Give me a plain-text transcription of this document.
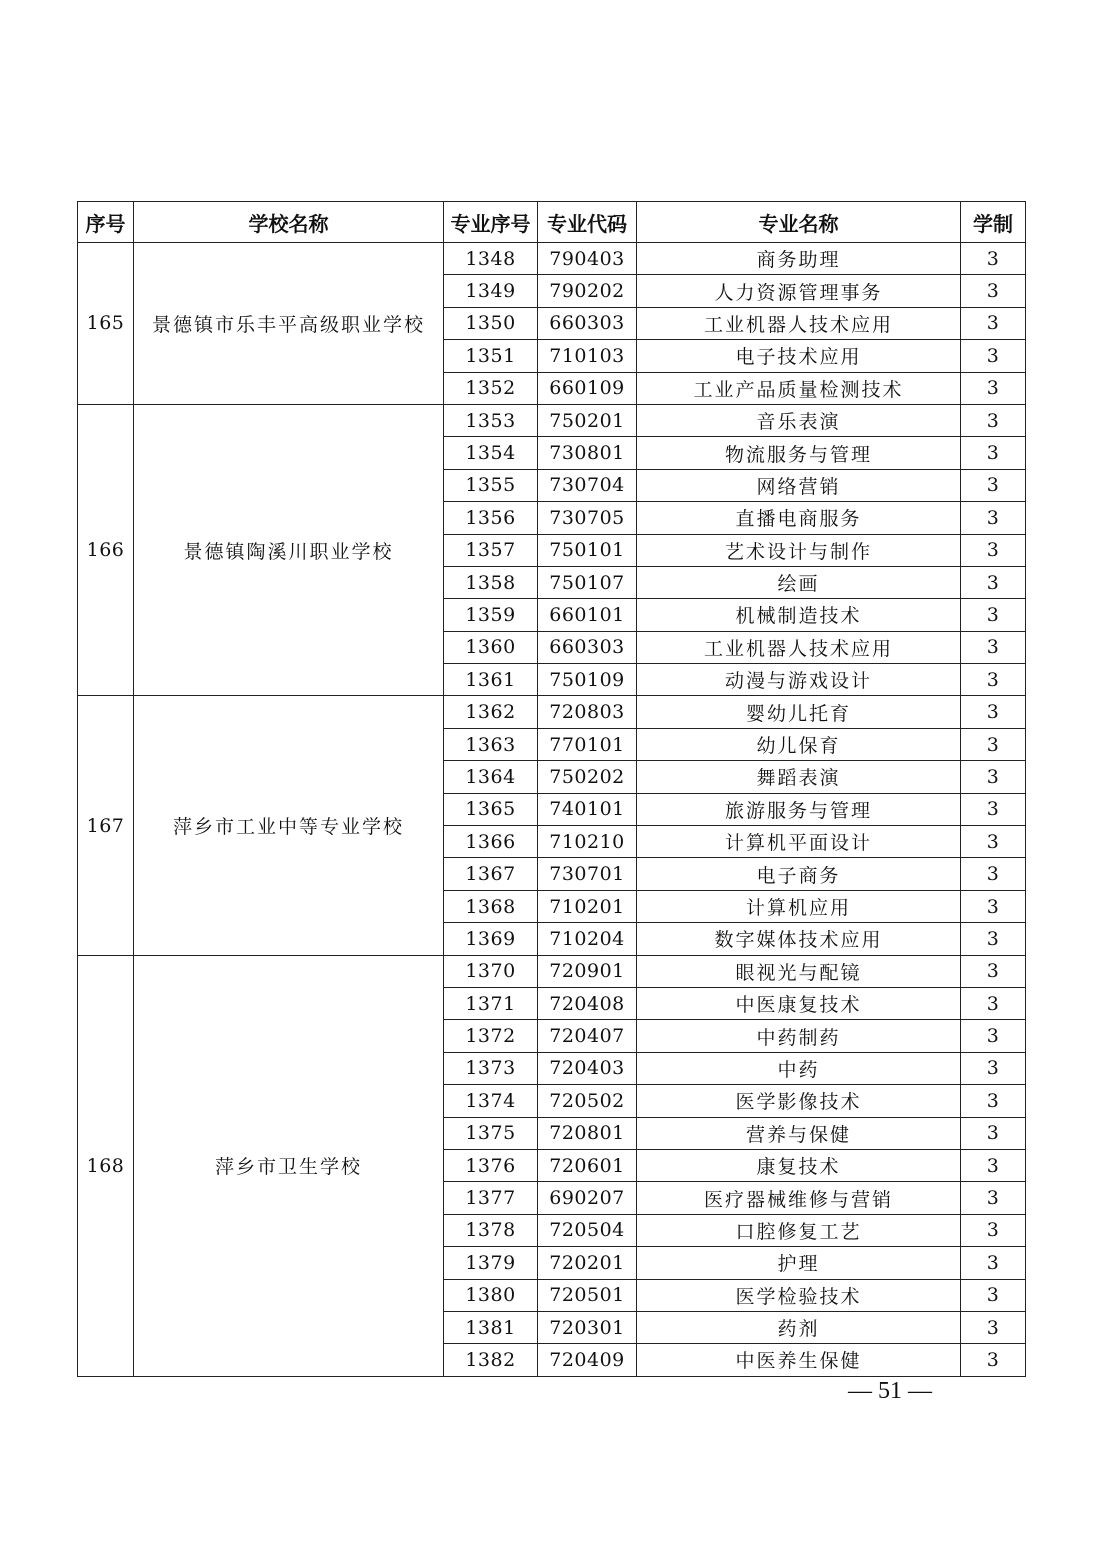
序号	学校名称	专业序号	专业代码	专业名称	学制
165	景德镇市乐丰平高级职业学校	1348	790403	商务助理	3
		1349	790202	人力资源管理事务	3
		1350	660303	工业机器人技术应用	3
		1351	710103	电子技术应用	3
		1352	660109	工业产品质量检测技术	3
166	景德镇陶溪川职业学校	1353	750201	音乐表演	3
		1354	730801	物流服务与管理	3
		1355	730704	网络营销	3
		1356	730705	直播电商服务	3
		1357	750101	艺术设计与制作	3
		1358	750107	绘画	3
		1359	660101	机械制造技术	3
		1360	660303	工业机器人技术应用	3
		1361	750109	动漫与游戏设计	3
167	萍乡市工业中等专业学校	1362	720803	婴幼儿托育	3
		1363	770101	幼儿保育	3
		1364	750202	舞蹈表演	3
		1365	740101	旅游服务与管理	3
		1366	710210	计算机平面设计	3
		1367	730701	电子商务	3
		1368	710201	计算机应用	3
		1369	710204	数字媒体技术应用	3
168	萍乡市卫生学校	1370	720901	眼视光与配镜	3
		1371	720408	中医康复技术	3
		1372	720407	中药制药	3
		1373	720403	中药	3
		1374	720502	医学影像技术	3
		1375	720801	营养与保健	3
		1376	720601	康复技术	3
		1377	690207	医疗器械维修与营销	3
		1378	720504	口腔修复工艺	3
		1379	720201	护理	3
		1380	720501	医学检验技术	3
		1381	720301	药剂	3
		1382	720409	中医养生保健	3
— 51 —
